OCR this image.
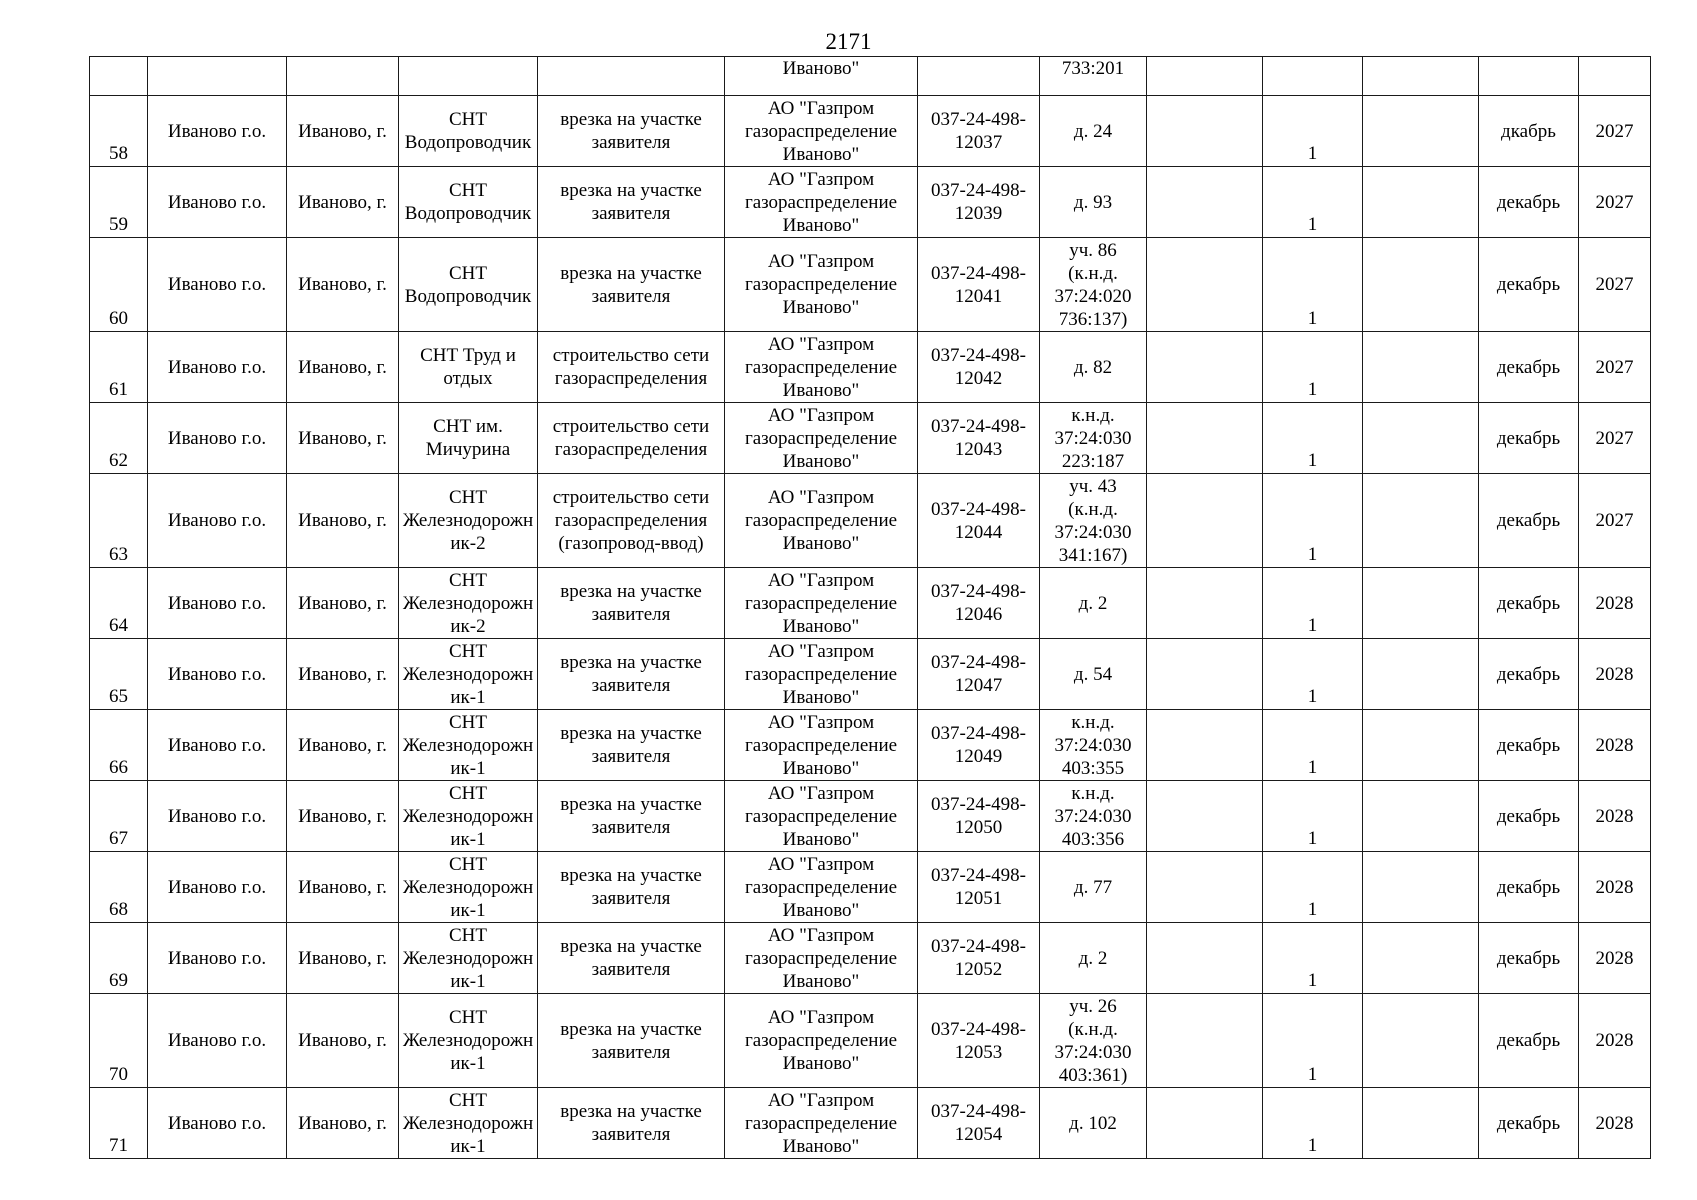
2171
					Иваново"		733:201					
58	Иваново г.о.	Иваново, г.	СНТ Водопроводчик	врезка на участке заявителя	АО "Газпром газораспределение Иваново"	037-24-498-12037	д. 24		1		дкабрь	2027
59	Иваново г.о.	Иваново, г.	СНТ Водопроводчик	врезка на участке заявителя	АО "Газпром газораспределение Иваново"	037-24-498-12039	д. 93		1		декабрь	2027
60	Иваново г.о.	Иваново, г.	СНТ Водопроводчик	врезка на участке заявителя	АО "Газпром газораспределение Иваново"	037-24-498-12041	уч. 86 (к.н.д. 37:24:020 736:137)		1		декабрь	2027
61	Иваново г.о.	Иваново, г.	СНТ Труд и отдых	строительство сети газораспределения	АО "Газпром газораспределение Иваново"	037-24-498-12042	д. 82		1		декабрь	2027
62	Иваново г.о.	Иваново, г.	СНТ им. Мичурина	строительство сети газораспределения	АО "Газпром газораспределение Иваново"	037-24-498-12043	к.н.д. 37:24:030 223:187		1		декабрь	2027
63	Иваново г.о.	Иваново, г.	СНТ Железнодорожник-2	строительство сети газораспределения (газопровод-ввод)	АО "Газпром газораспределение Иваново"	037-24-498-12044	уч. 43 (к.н.д. 37:24:030 341:167)		1		декабрь	2027
64	Иваново г.о.	Иваново, г.	СНТ Железнодорожник-2	врезка на участке заявителя	АО "Газпром газораспределение Иваново"	037-24-498-12046	д. 2		1		декабрь	2028
65	Иваново г.о.	Иваново, г.	СНТ Железнодорожник-1	врезка на участке заявителя	АО "Газпром газораспределение Иваново"	037-24-498-12047	д. 54		1		декабрь	2028
66	Иваново г.о.	Иваново, г.	СНТ Железнодорожник-1	врезка на участке заявителя	АО "Газпром газораспределение Иваново"	037-24-498-12049	к.н.д. 37:24:030 403:355		1		декабрь	2028
67	Иваново г.о.	Иваново, г.	СНТ Железнодорожник-1	врезка на участке заявителя	АО "Газпром газораспределение Иваново"	037-24-498-12050	к.н.д. 37:24:030 403:356		1		декабрь	2028
68	Иваново г.о.	Иваново, г.	СНТ Железнодорожник-1	врезка на участке заявителя	АО "Газпром газораспределение Иваново"	037-24-498-12051	д. 77		1		декабрь	2028
69	Иваново г.о.	Иваново, г.	СНТ Железнодорожник-1	врезка на участке заявителя	АО "Газпром газораспределение Иваново"	037-24-498-12052	д. 2		1		декабрь	2028
70	Иваново г.о.	Иваново, г.	СНТ Железнодорожник-1	врезка на участке заявителя	АО "Газпром газораспределение Иваново"	037-24-498-12053	уч. 26 (к.н.д. 37:24:030 403:361)		1		декабрь	2028
71	Иваново г.о.	Иваново, г.	СНТ Железнодорожник-1	врезка на участке заявителя	АО "Газпром газораспределение Иваново"	037-24-498-12054	д. 102		1		декабрь	2028
